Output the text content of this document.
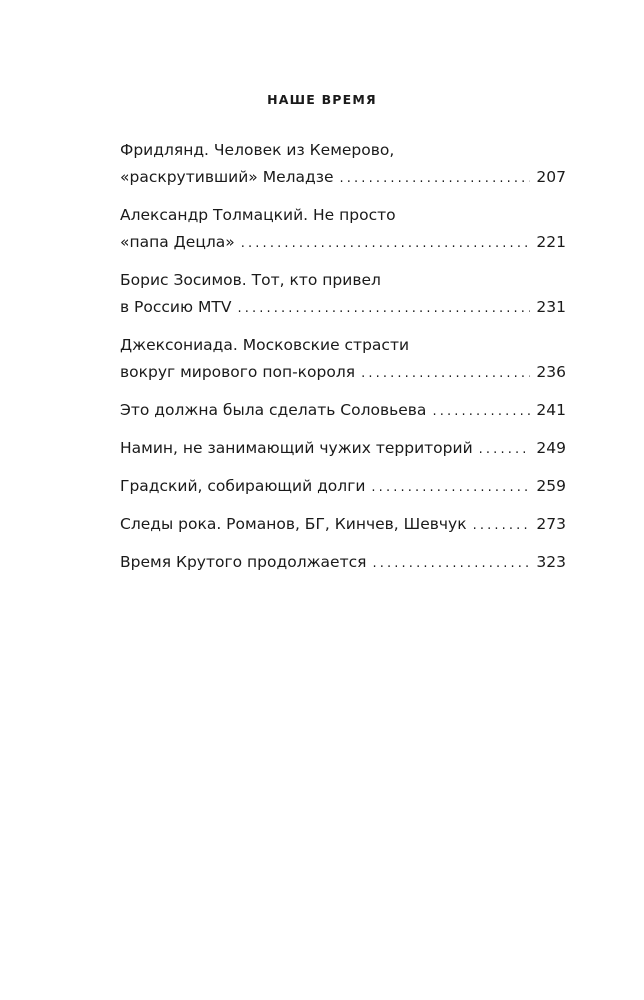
НАШЕ ВРЕМЯ
Фридлянд. Человек из Кемерово,
«раскрутивший» Меладзе . . .	207
Александр Толмацкий. Не просто
«папа Децла» . . .	221
Борис Зосимов. Тот, кто привел
в Россию MTV . . .	231
Джексониада. Московские страсти
вокруг мирового поп-короля . . .	236
Это должна была сделать Соловьева . . .	241
Намин, не занимающий чужих территорий . . .	249
Градский, собирающий долги . . .	259
Следы рока. Романов, БГ, Кинчев, Шевчук . . .	273
Время Крутого продолжается . . .	323
